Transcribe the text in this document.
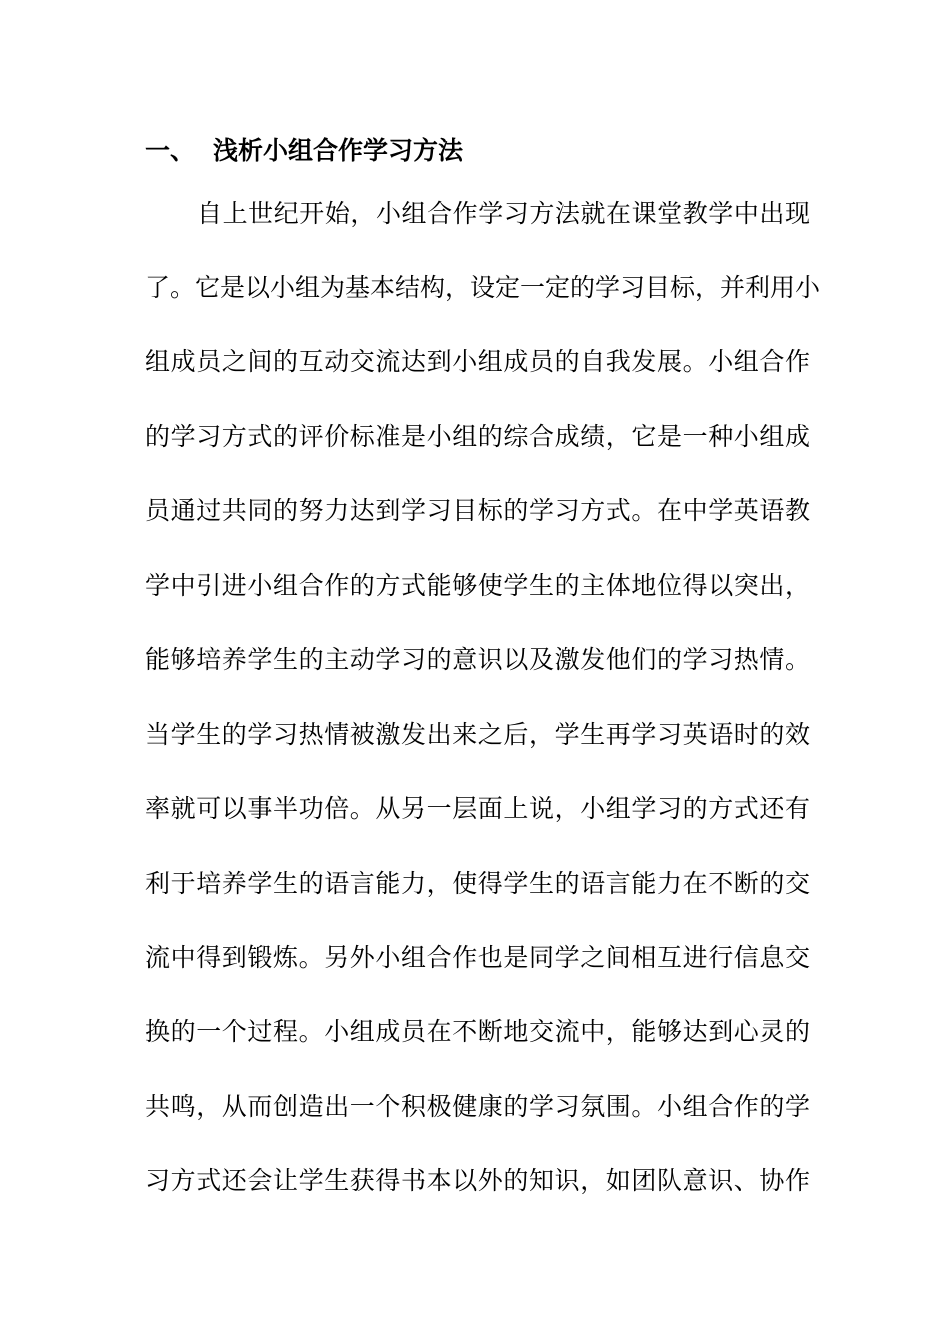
一、 浅析小组合作学习方法
自上世纪开始，小组合作学习方法就在课堂教学中出现
了。它是以小组为基本结构，设定一定的学习目标，并利用小
组成员之间的互动交流达到小组成员的自我发展。小组合作
的学习方式的评价标准是小组的综合成绩，它是一种小组成
员通过共同的努力达到学习目标的学习方式。在中学英语教
学中引进小组合作的方式能够使学生的主体地位得以突出，
能够培养学生的主动学习的意识以及激发他们的学习热情。
当学生的学习热情被激发出来之后，学生再学习英语时的效
率就可以事半功倍。从另一层面上说，小组学习的方式还有
利于培养学生的语言能力，使得学生的语言能力在不断的交
流中得到锻炼。另外小组合作也是同学之间相互进行信息交
换的一个过程。小组成员在不断地交流中，能够达到心灵的
共鸣，从而创造出一个积极健康的学习氛围。小组合作的学
习方式还会让学生获得书本以外的知识，如团队意识、协作
